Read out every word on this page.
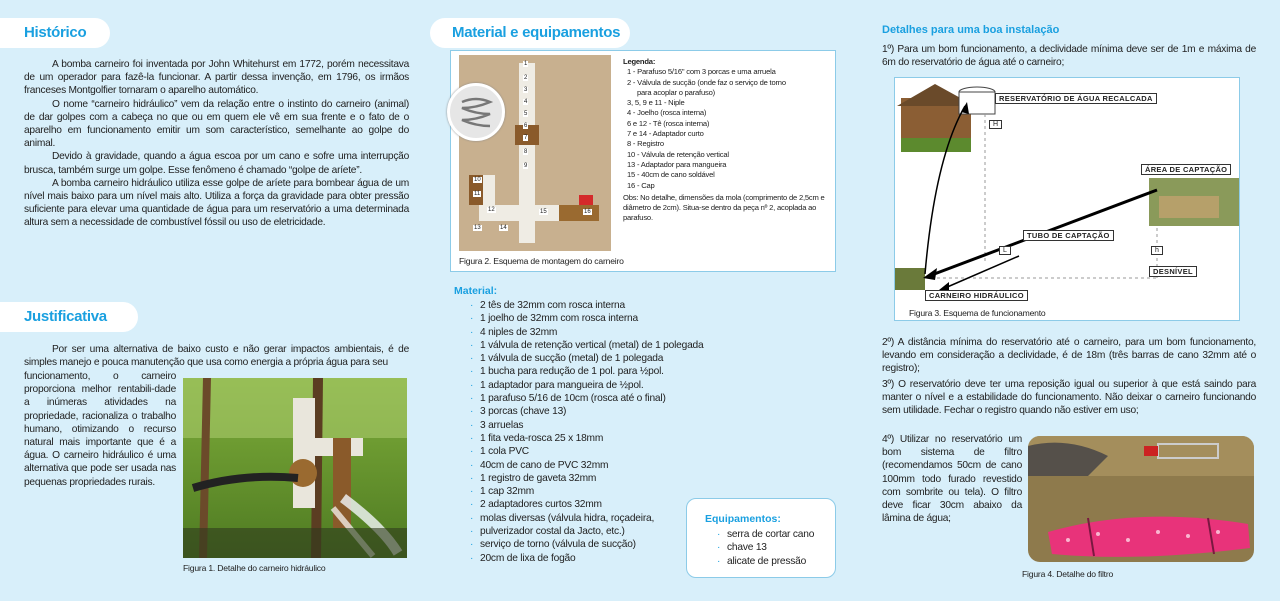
Histórico
A bomba carneiro foi inventada por John Whitehurst em 1772, porém necessitava de um operador para fazê-la funcionar. A partir dessa invenção, em 1796, os irmãos franceses Montgolfier tornaram o aparelho automático.
O nome “carneiro hidráulico” vem da relação entre o instinto do carneiro (animal) de dar golpes com a cabeça no que ou em quem ele vê em sua frente e o fato de o aparelho em funcionamento emitir um som característico, semelhante ao golpe do animal.
Devido à gravidade, quando a água escoa por um cano e sofre uma interrupção brusca, também surge um golpe. Esse fenômeno é chamado “golpe de aríete”.
A bomba carneiro hidráulico utiliza esse golpe de aríete para bombear água de um nível mais baixo para um nível mais alto. Utiliza a força da gravidade para obter pressão suficiente para elevar uma quantidade de água para um reservatório a uma determinada altura sem a necessidade de combustível fóssil ou uso de eletricidade.
Justificativa
Por ser uma alternativa de baixo custo e não gerar impactos ambientais, é de simples manejo e pouca manutenção que usa como energia a própria água para seu
funcionamento, o carneiro proporciona melhor rentabili-dade a inúmeras atividades na propriedade, racionaliza o trabalho humano, otimizando o recurso natural mais importante que é a água. O carneiro hidráulico é uma alternativa que pode ser usada nas pequenas propriedades rurais.
Figura 1. Detalhe do carneiro hidráulico
Material e equipamentos
1
2
3
4
5
6
7
8
9
10
11
12
13	14
15	16
Legenda:
1 - Parafuso 5/16" com 3 porcas e uma arruela
2 - Válvula de sucção (onde faz o serviço de torno
para acoplar o parafuso)
3, 5, 9 e 11 - Niple
4 - Joelho (rosca interna)
6 e 12 - Tê (rosca interna)
7 e 14 - Adaptador curto
8 - Registro
10 - Válvula de retenção vertical
13 - Adaptador para mangueira
15 - 40cm de cano soldável
16 - Cap
Obs: No detalhe, dimensões da mola (comprimento de 2,5cm e diâmetro de 2cm). Situa-se dentro da peça nº 2, acoplada ao parafuso.
Figura 2. Esquema de montagem do carneiro
Material:
· 2 tês de 32mm com rosca interna
· 1 joelho de 32mm com rosca interna
· 4 niples de 32mm
· 1 válvula de retenção vertical (metal) de 1 polegada
· 1 válvula de sucção (metal) de 1 polegada
· 1 bucha para redução de 1 pol. para ½pol.
· 1 adaptador para mangueira de ½pol.
· 1 parafuso 5/16 de 10cm (rosca até o final)
· 3 porcas (chave 13)
· 3 arruelas
· 1 fita veda-rosca 25 x 18mm
· 1 cola PVC
· 40cm de cano de PVC 32mm
· 1 registro de gaveta 32mm
· 1 cap 32mm
· 2 adaptadores curtos 32mm
· molas diversas (válvula hidra, roçadeira,
· pulverizador costal da Jacto, etc.)
· serviço de torno (válvula de sucção)
· 20cm de lixa de fogão
Equipamentos:
· serra de cortar cano
· chave 13
· alicate de pressão
Detalhes para uma boa instalação
1º) Para um bom funcionamento, a declividade mínima deve ser de 1m e máxima de 6m do reservatório de água até o carneiro;
RESERVATÓRIO DE ÁGUA RECALCADA
H
ÁREA DE CAPTAÇÃO
TUBO DE CAPTAÇÃO
L	h
DESNÍVEL
CARNEIRO HIDRÁULICO
Figura 3. Esquema de funcionamento
2º) A distância mínima do reservatório até o carneiro, para um bom funcionamento, levando em consideração a declividade, é de 18m (três barras de cano 32mm até o registro);
3º) O reservatório deve ter uma reposição igual ou superior à que está saindo para manter o nível e a estabilidade do funcionamento. Não deixar o carneiro funcionando sem utilidade. Fechar o registro quando não estiver em uso;
4º) Utilizar no reservatório um bom sistema de filtro (recomendamos 50cm de cano 100mm todo furado revestido com sombrite ou tela). O filtro deve ficar 30cm abaixo da lâmina de água;
Figura 4. Detalhe do filtro
